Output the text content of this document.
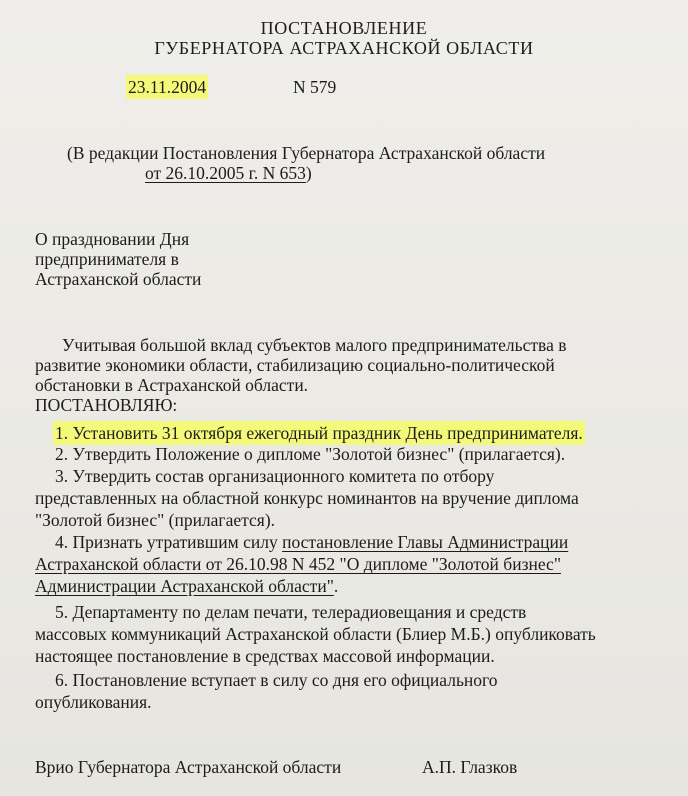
ПОСТАНОВЛЕНИЕ
ГУБЕРНАТОРА АСТРАХАНСКОЙ ОБЛАСТИ
23.11.2004	N 579
(В редакции Постановления Губернатора Астраханской области
от 26.10.2005 г. N 653)
О праздновании Дня
предпринимателя в
Астраханской области
Учитывая большой вклад субъектов малого предпринимательства в
развитие экономики области, стабилизацию социально-политической
обстановки в Астраханской области.
ПОСТАНОВЛЯЮ:
1. Установить 31 октября ежегодный праздник День предпринимателя.
2. Утвердить Положение о дипломе "Золотой бизнес" (прилагается).
3. Утвердить состав организационного комитета по отбору
представленных на областной конкурс номинантов на вручение диплома
"Золотой бизнес" (прилагается).
4. Признать утратившим силу постановление Главы Администрации
Астраханской области от 26.10.98 N 452 "О дипломе "Золотой бизнес"
Администрации Астраханской области".
5. Департаменту по делам печати, телерадиовещания и средств
массовых коммуникаций Астраханской области (Блиер М.Б.) опубликовать
настоящее постановление в средствах массовой информации.
6. Постановление вступает в силу со дня его официального
опубликования.
Врио Губернатора Астраханской области	А.П. Глазков
